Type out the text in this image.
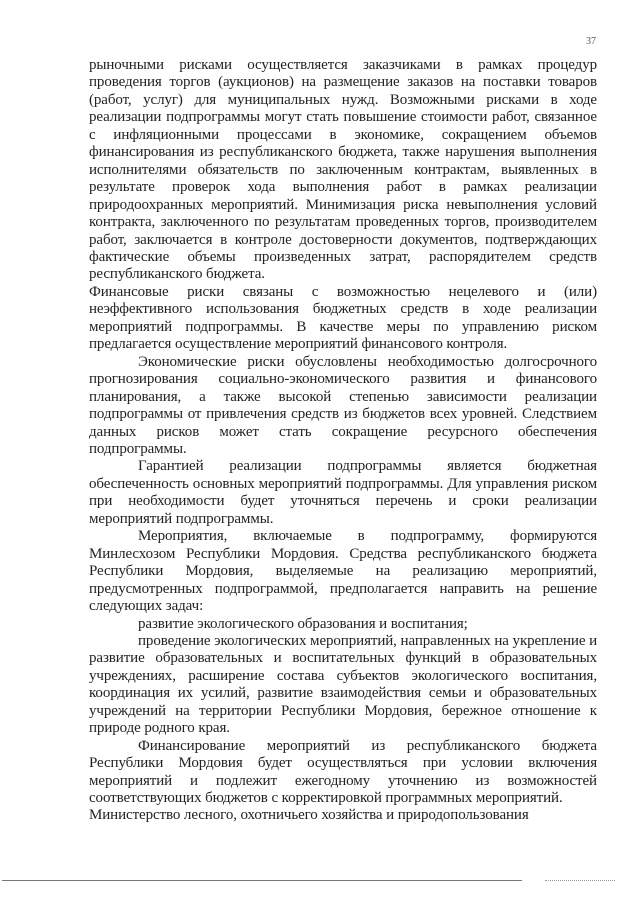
37

рыночными рисками осуществляется заказчиками в рамках процедур проведения торгов (аукционов) на размещение заказов на поставки товаров (работ, услуг) для муниципальных нужд. Возможными рисками в ходе реализации подпрограммы могут стать повышение стоимости работ, связанное с инфляционными процессами в экономике, сокращением объемов финансирования из республиканского бюджета, также нарушения выполнения исполнителями обязательств по заключенным контрактам, выявленных в результате проверок хода выполнения работ в рамках реализации природоохранных мероприятий. Минимизация риска невыполнения условий контракта, заключенного по результатам проведенных торгов, производителем работ, заключается в контроле достоверности документов, подтверждающих фактические объемы произведенных затрат, распорядителем средств республиканского бюджета.

Финансовые риски связаны с возможностью нецелевого и (или) неэффективного использования бюджетных средств в ходе реализации мероприятий подпрограммы. В качестве меры по управлению риском предлагается осуществление мероприятий финансового контроля.

Экономические риски обусловлены необходимостью долгосрочного прогнозирования социально-экономического развития и финансового планирования, а также высокой степенью зависимости реализации подпрограммы от привлечения средств из бюджетов всех уровней. Следствием данных рисков может стать сокращение ресурсного обеспечения подпрограммы.

Гарантией реализации подпрограммы является бюджетная обеспеченность основных мероприятий подпрограммы. Для управления риском при необходимости будет уточняться перечень и сроки реализации мероприятий подпрограммы.

Мероприятия, включаемые в подпрограмму, формируются Минлесхозом Республики Мордовия. Средства республиканского бюджета Республики Мордовия, выделяемые на реализацию мероприятий, предусмотренных подпрограммой, предполагается направить на решение следующих задач:

развитие экологического образования и воспитания;

проведение экологических мероприятий, направленных на укрепление и развитие образовательных и воспитательных функций в образовательных учреждениях, расширение состава субъектов экологического воспитания, координация их усилий, развитие взаимодействия семьи и образовательных учреждений на территории Республики Мордовия, бережное отношение к природе родного края.

Финансирование мероприятий из республиканского бюджета Республики Мордовия будет осуществляться при условии включения мероприятий и подлежит ежегодному уточнению из возможностей соответствующих бюджетов с корректировкой программных мероприятий.

Министерство лесного, охотничьего хозяйства и природопользования
